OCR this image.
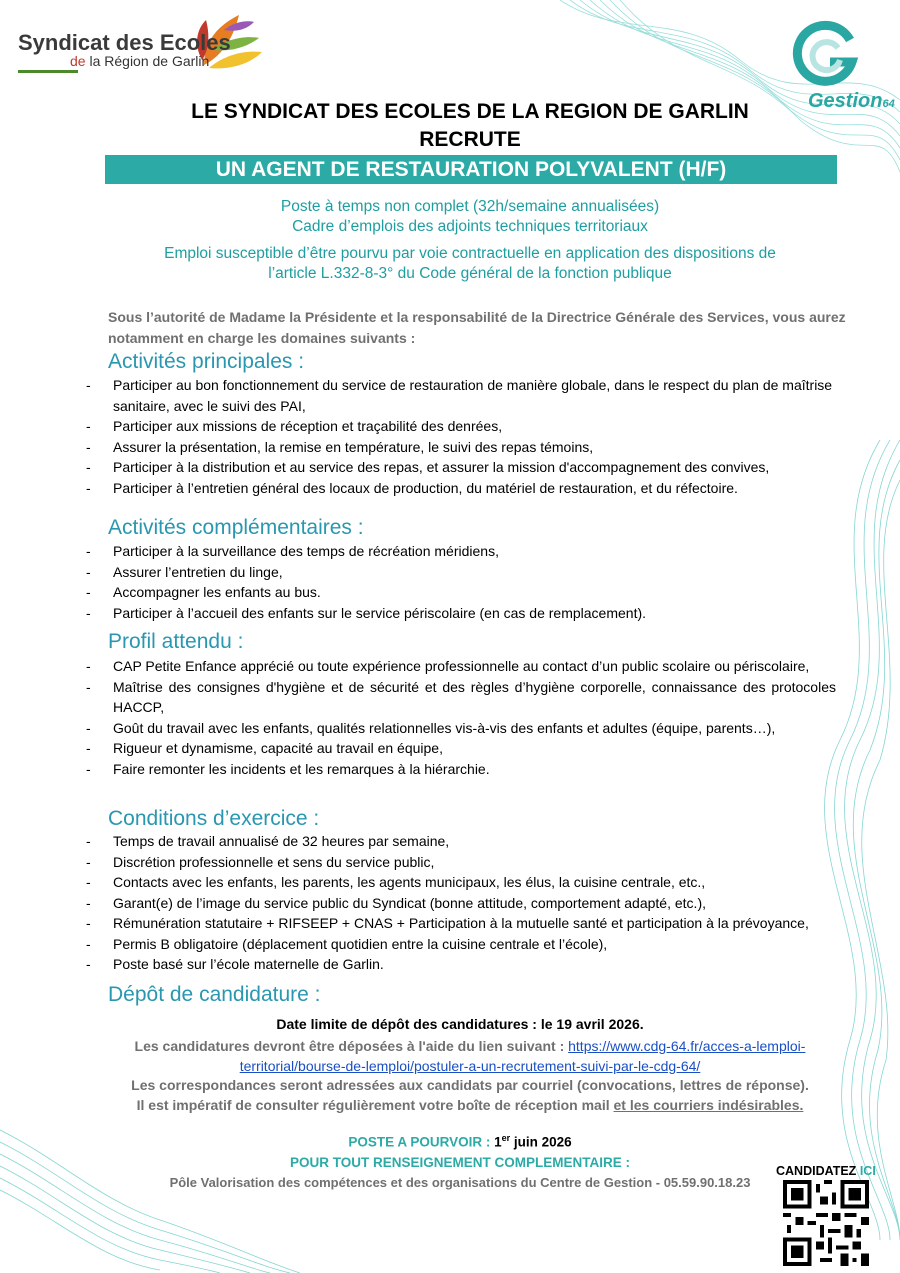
Syndicat des Ecoles
de la Région de Garlin
Gestion64
LE SYNDICAT DES ECOLES DE LA REGION DE GARLIN
RECRUTE
UN AGENT DE RESTAURATION POLYVALENT (H/F)
Poste à temps non complet (32h/semaine annualisées)
Cadre d’emplois des adjoints techniques territoriaux
Emploi susceptible d’être pourvu par voie contractuelle en application des dispositions de
l’article L.332-8-3° du Code général de la fonction publique
Sous l’autorité de Madame la Présidente et la responsabilité de la Directrice Générale des Services, vous aurez notamment en charge les domaines suivants :
Activités principales :
- Participer au bon fonctionnement du service de restauration de manière globale, dans le respect du plan de maîtrise sanitaire, avec le suivi des PAI,
- Participer aux missions de réception et traçabilité des denrées,
- Assurer la présentation, la remise en température, le suivi des repas témoins,
- Participer à la distribution et au service des repas, et assurer la mission d'accompagnement des convives,
- Participer à l’entretien général des locaux de production, du matériel de restauration, et du réfectoire.
Activités complémentaires :
- Participer à la surveillance des temps de récréation méridiens,
- Assurer l’entretien du linge,
- Accompagner les enfants au bus.
- Participer à l’accueil des enfants sur le service périscolaire (en cas de remplacement).
Profil attendu :
- CAP Petite Enfance apprécié ou toute expérience professionnelle au contact d’un public scolaire ou périscolaire,
- Maîtrise des consignes d'hygiène et de sécurité et des règles d’hygiène corporelle, connaissance des protocoles HACCP,
- Goût du travail avec les enfants, qualités relationnelles vis-à-vis des enfants et adultes (équipe, parents…),
- Rigueur et dynamisme, capacité au travail en équipe,
- Faire remonter les incidents et les remarques à la hiérarchie.
Conditions d’exercice :
- Temps de travail annualisé de 32 heures par semaine,
- Discrétion professionnelle et sens du service public,
- Contacts avec les enfants, les parents, les agents municipaux, les élus, la cuisine centrale, etc.,
- Garant(e) de l’image du service public du Syndicat (bonne attitude, comportement adapté, etc.),
- Rémunération statutaire + RIFSEEP + CNAS + Participation à la mutuelle santé et participation à la prévoyance,
- Permis B obligatoire (déplacement quotidien entre la cuisine centrale et l’école),
- Poste basé sur l’école maternelle de Garlin.
Dépôt de candidature :
Date limite de dépôt des candidatures : le 19 avril 2026.
Les candidatures devront être déposées à l'aide du lien suivant : https://www.cdg-64.fr/acces-a-lemploi-
territorial/bourse-de-lemploi/postuler-a-un-recrutement-suivi-par-le-cdg-64/
Les correspondances seront adressées aux candidats par courriel (convocations, lettres de réponse).
Il est impératif de consulter régulièrement votre boîte de réception mail et les courriers indésirables.
POSTE A POURVOIR : 1er juin 2026
POUR TOUT RENSEIGNEMENT COMPLEMENTAIRE :
Pôle Valorisation des compétences et des organisations du Centre de Gestion - 05.59.90.18.23
CANDIDATEZ ICI
